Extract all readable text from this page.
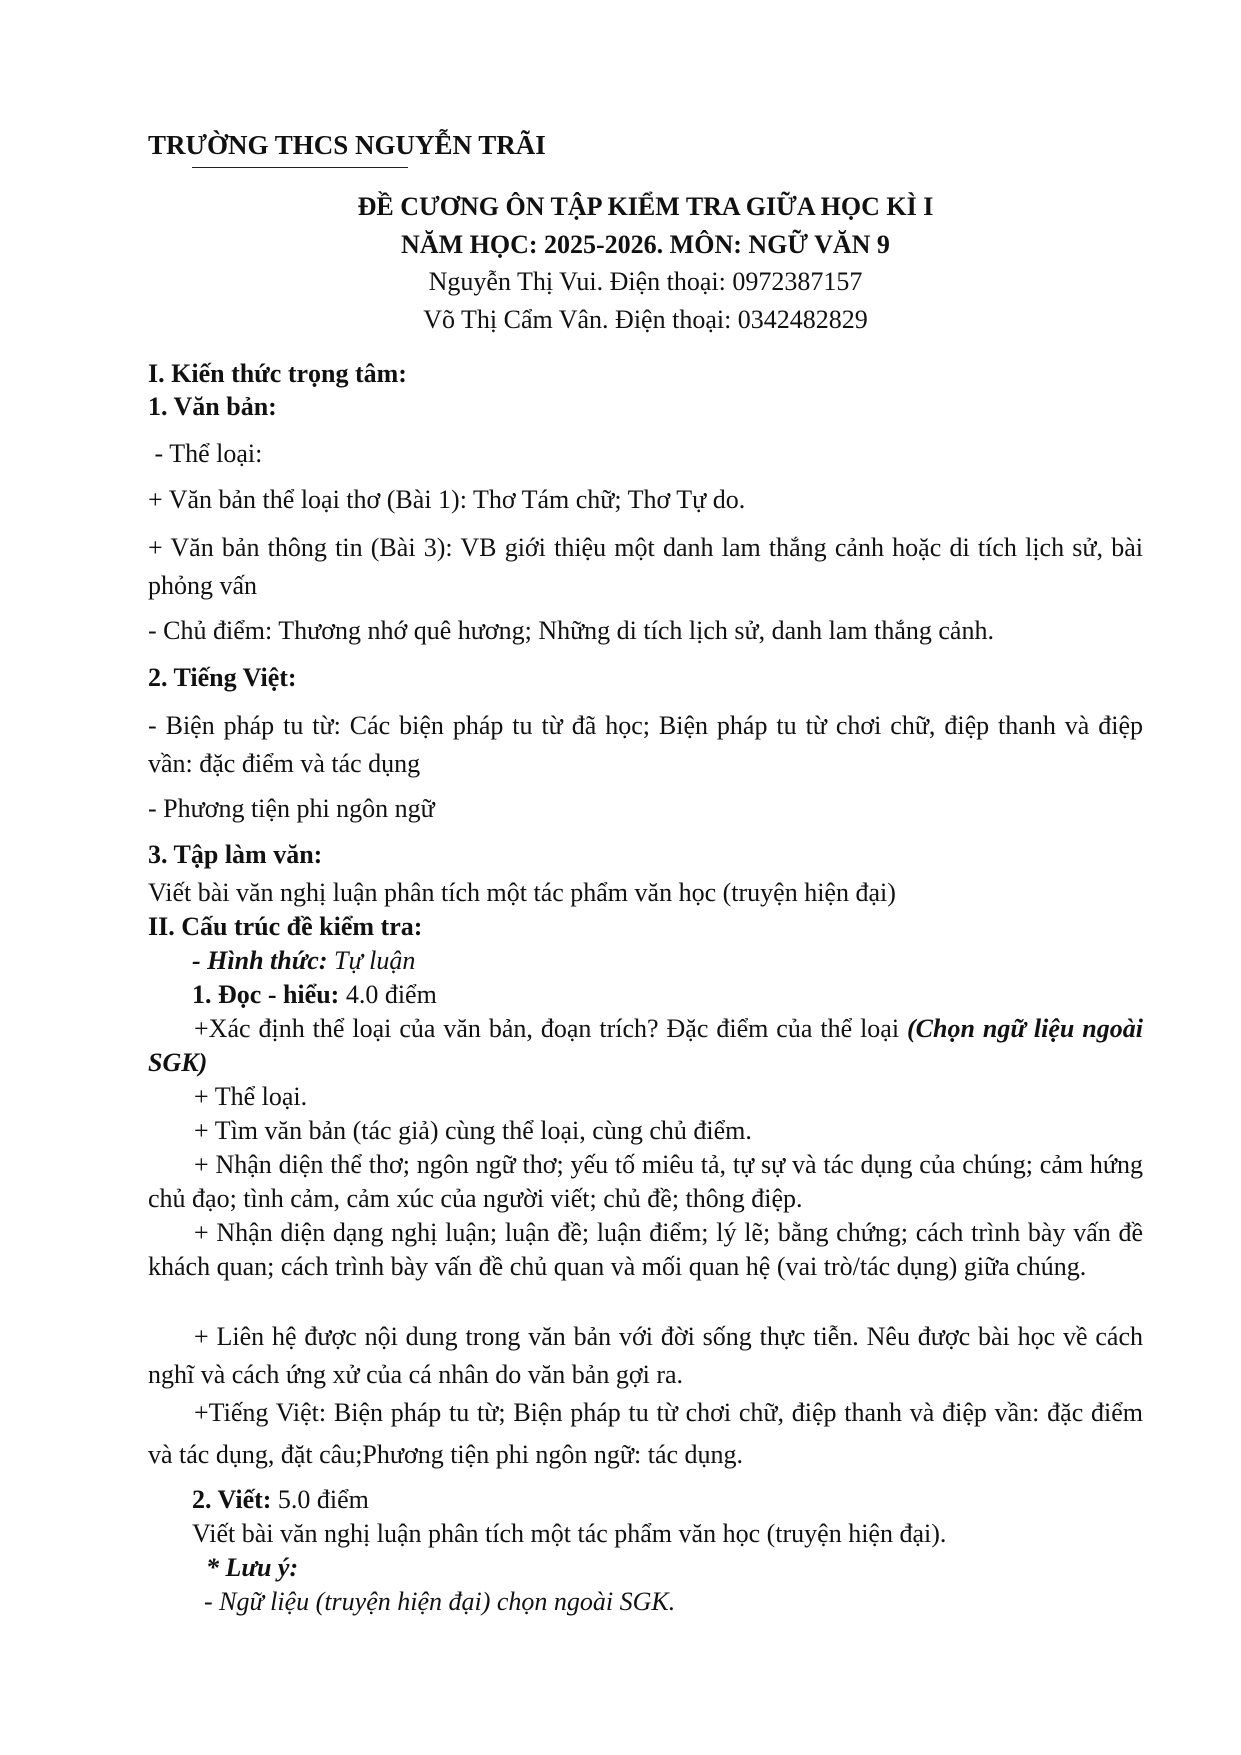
TRƯỜNG THCS NGUYỄN TRÃI

ĐỀ CƯƠNG ÔN TẬP KIỂM TRA GIỮA HỌC KÌ I

NĂM HỌC: 2025-2026. MÔN: NGỮ VĂN 9

Nguyễn Thị Vui. Điện thoại: 0972387157

Võ Thị Cẩm Vân. Điện thoại: 0342482829

I. Kiến thức trọng tâm:

1. Văn bản:

- Thể loại:

+ Văn bản thể loại thơ (Bài 1): Thơ Tám chữ; Thơ Tự do.

+ Văn bản thông tin (Bài 3): VB giới thiệu một danh lam thắng cảnh hoặc di tích lịch sử, bài phỏng vấn

- Chủ điểm: Thương nhớ quê hương; Những di tích lịch sử, danh lam thắng cảnh.

2. Tiếng Việt:

- Biện pháp tu từ: Các biện pháp tu từ đã học; Biện pháp tu từ chơi chữ, điệp thanh và điệp vần: đặc điểm và tác dụng

- Phương tiện phi ngôn ngữ

3. Tập làm văn:

Viết bài văn nghị luận phân tích một tác phẩm văn học (truyện hiện đại)

II. Cấu trúc đề kiểm tra:

- Hình thức: Tự luận

1. Đọc - hiểu: 4.0 điểm

+Xác định thể loại của văn bản, đoạn trích? Đặc điểm của thể loại (Chọn ngữ liệu ngoài SGK)

+ Thể loại.

+ Tìm văn bản (tác giả) cùng thể loại, cùng chủ điểm.

+ Nhận diện thể thơ; ngôn ngữ thơ; yếu tố miêu tả, tự sự và tác dụng của chúng; cảm hứng chủ đạo; tình cảm, cảm xúc của người viết; chủ đề; thông điệp.

+ Nhận diện dạng nghị luận; luận đề; luận điểm; lý lẽ; bằng chứng; cách trình bày vấn đề khách quan; cách trình bày vấn đề chủ quan và mối quan hệ (vai trò/tác dụng) giữa chúng.

+ Liên hệ được nội dung trong văn bản với đời sống thực tiễn. Nêu được bài học về cách nghĩ và cách ứng xử của cá nhân do văn bản gợi ra.

+Tiếng Việt: Biện pháp tu từ; Biện pháp tu từ chơi chữ, điệp thanh và điệp vần: đặc điểm và tác dụng, đặt câu;Phương tiện phi ngôn ngữ: tác dụng.

2. Viết: 5.0 điểm

Viết bài văn nghị luận phân tích một tác phẩm văn học (truyện hiện đại).

* Lưu ý:

- Ngữ liệu (truyện hiện đại) chọn ngoài SGK.
